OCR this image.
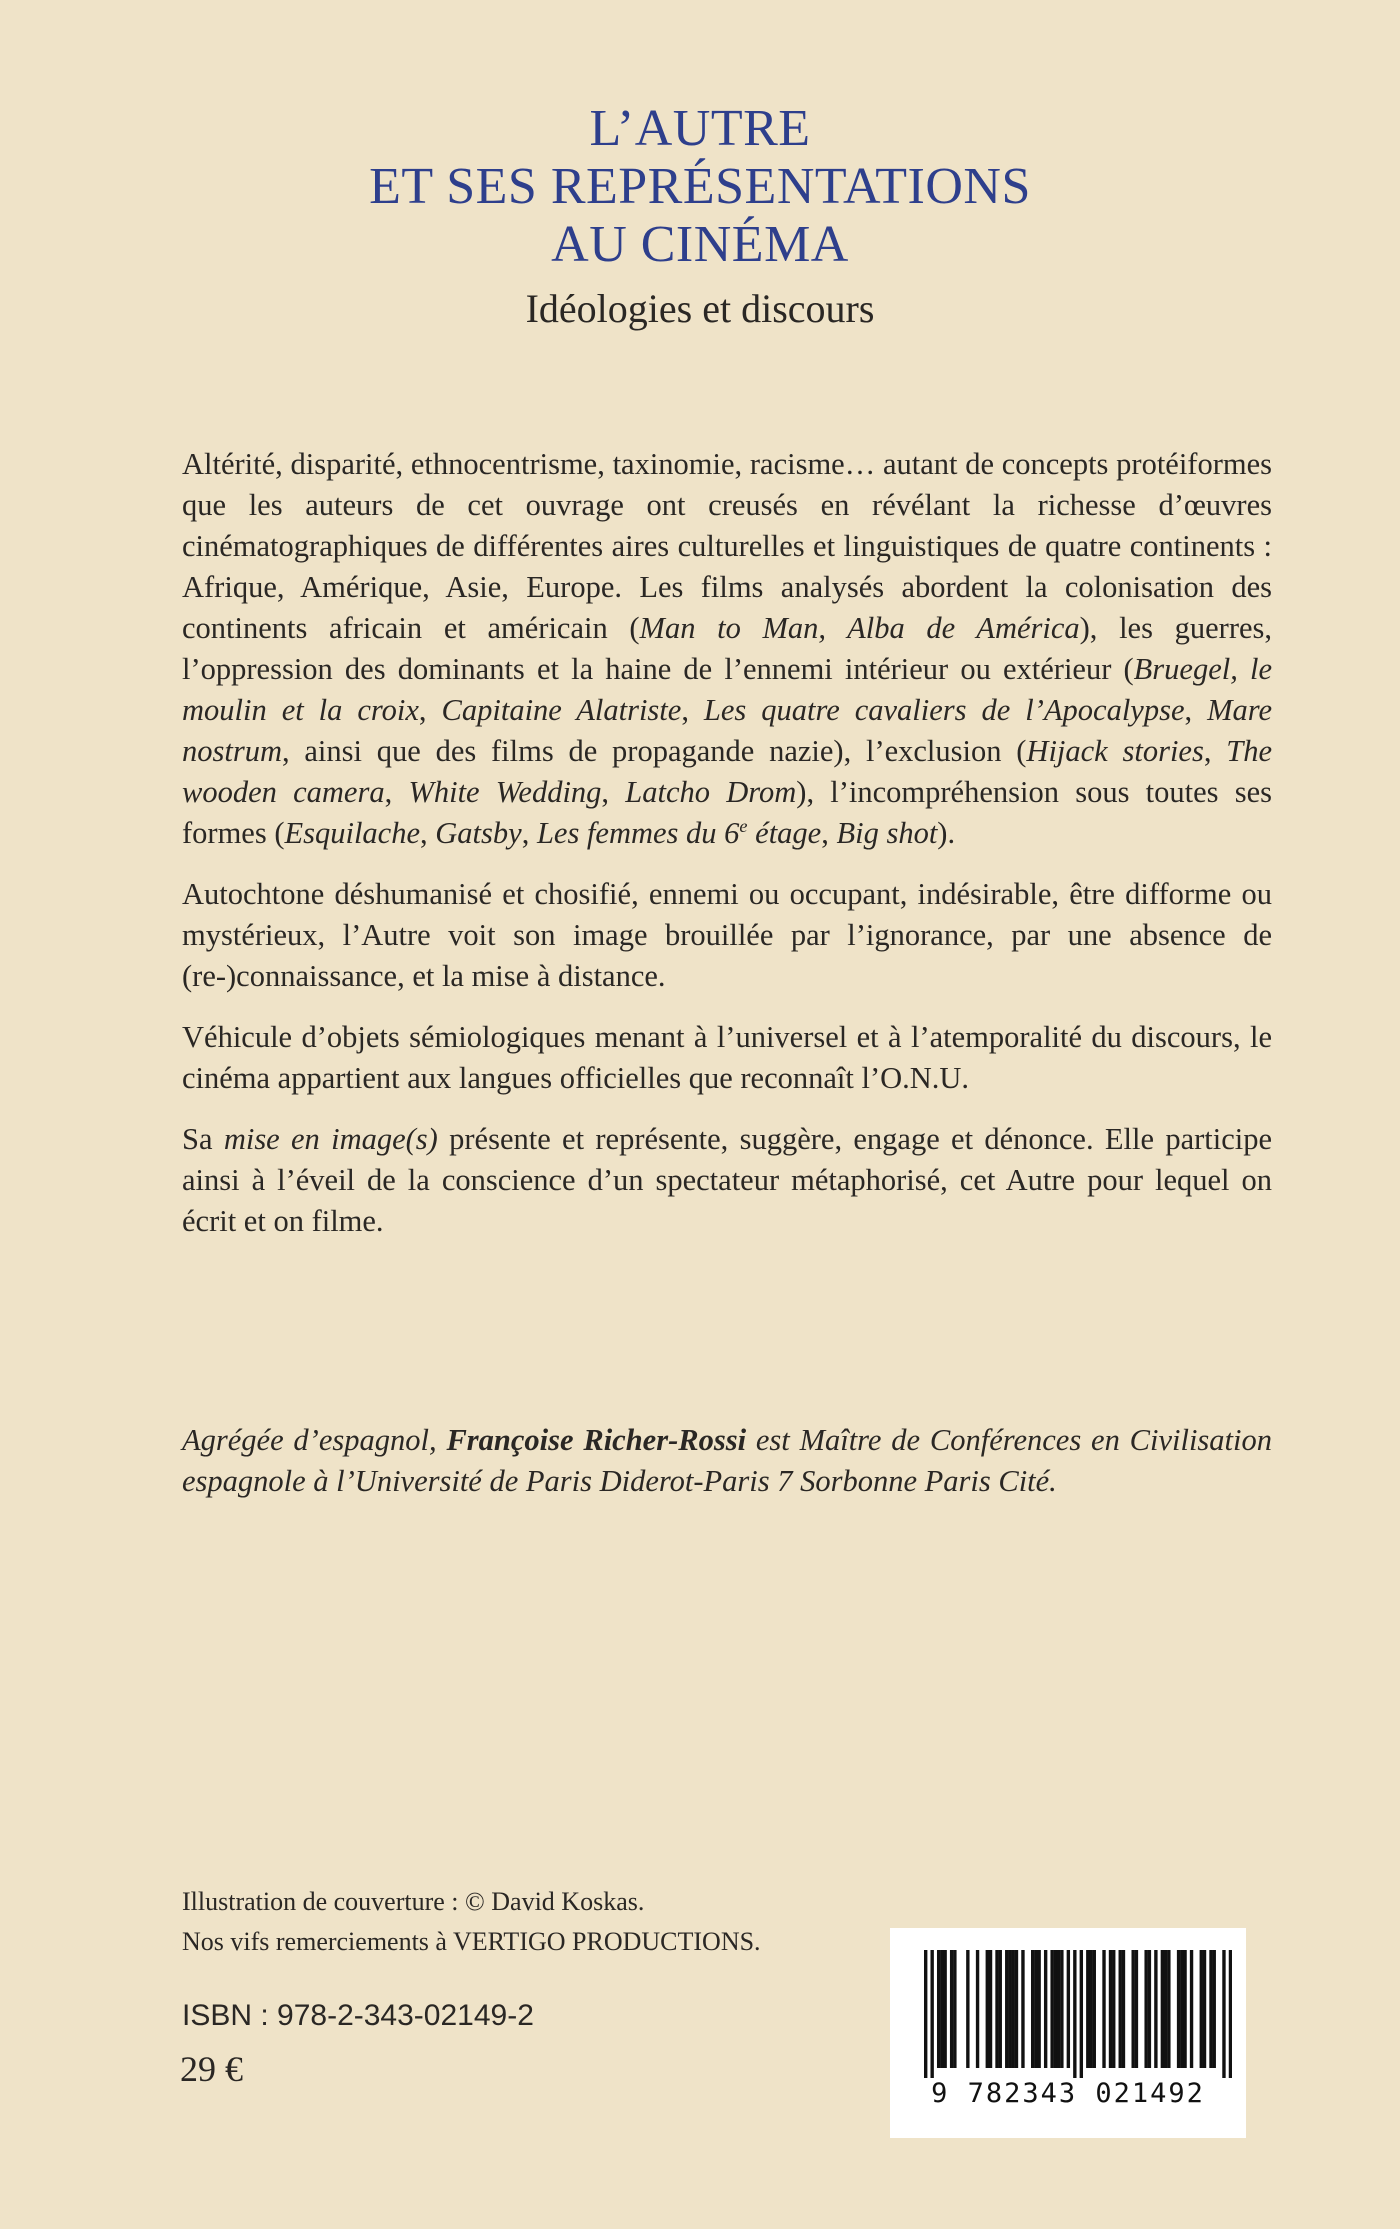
L’AUTRE
ET SES REPRÉSENTATIONS
AU CINÉMA
Idéologies et discours

Altérité, disparité, ethnocentrisme, taxinomie, racisme… autant de concepts protéiformes que les auteurs de cet ouvrage ont creusés en révélant la richesse d’œuvres cinématographiques de différentes aires culturelles et linguistiques de quatre continents : Afrique, Amérique, Asie, Europe. Les films analysés abordent la colonisation des continents africain et américain (Man to Man, Alba de América), les guerres, l’oppression des dominants et la haine de l’ennemi intérieur ou extérieur (Bruegel, le moulin et la croix, Capitaine Alatriste, Les quatre cavaliers de l’Apocalypse, Mare nostrum, ainsi que des films de propagande nazie), l’exclusion (Hijack stories, The wooden camera, White Wedding, Latcho Drom), l’incompréhension sous toutes ses formes (Esquilache, Gatsby, Les femmes du 6e étage, Big shot).

Autochtone déshumanisé et chosifié, ennemi ou occupant, indésirable, être difforme ou mystérieux, l’Autre voit son image brouillée par l’ignorance, par une absence de (re-)connaissance, et la mise à distance.

Véhicule d’objets sémiologiques menant à l’universel et à l’atemporalité du discours, le cinéma appartient aux langues officielles que reconnaît l’O.N.U.

Sa mise en image(s) présente et représente, suggère, engage et dénonce. Elle participe ainsi à l’éveil de la conscience d’un spectateur métaphorisé, cet Autre pour lequel on écrit et on filme.

Agrégée d’espagnol, Françoise Richer-Rossi est Maître de Conférences en Civilisation espagnole à l’Université de Paris Diderot-Paris 7 Sorbonne Paris Cité.
Illustration de couverture : © David Koskas.
Nos vifs remerciements à VERTIGO PRODUCTIONS.
ISBN : 978-2-343-02149-2
29 €
9 782343 021492
